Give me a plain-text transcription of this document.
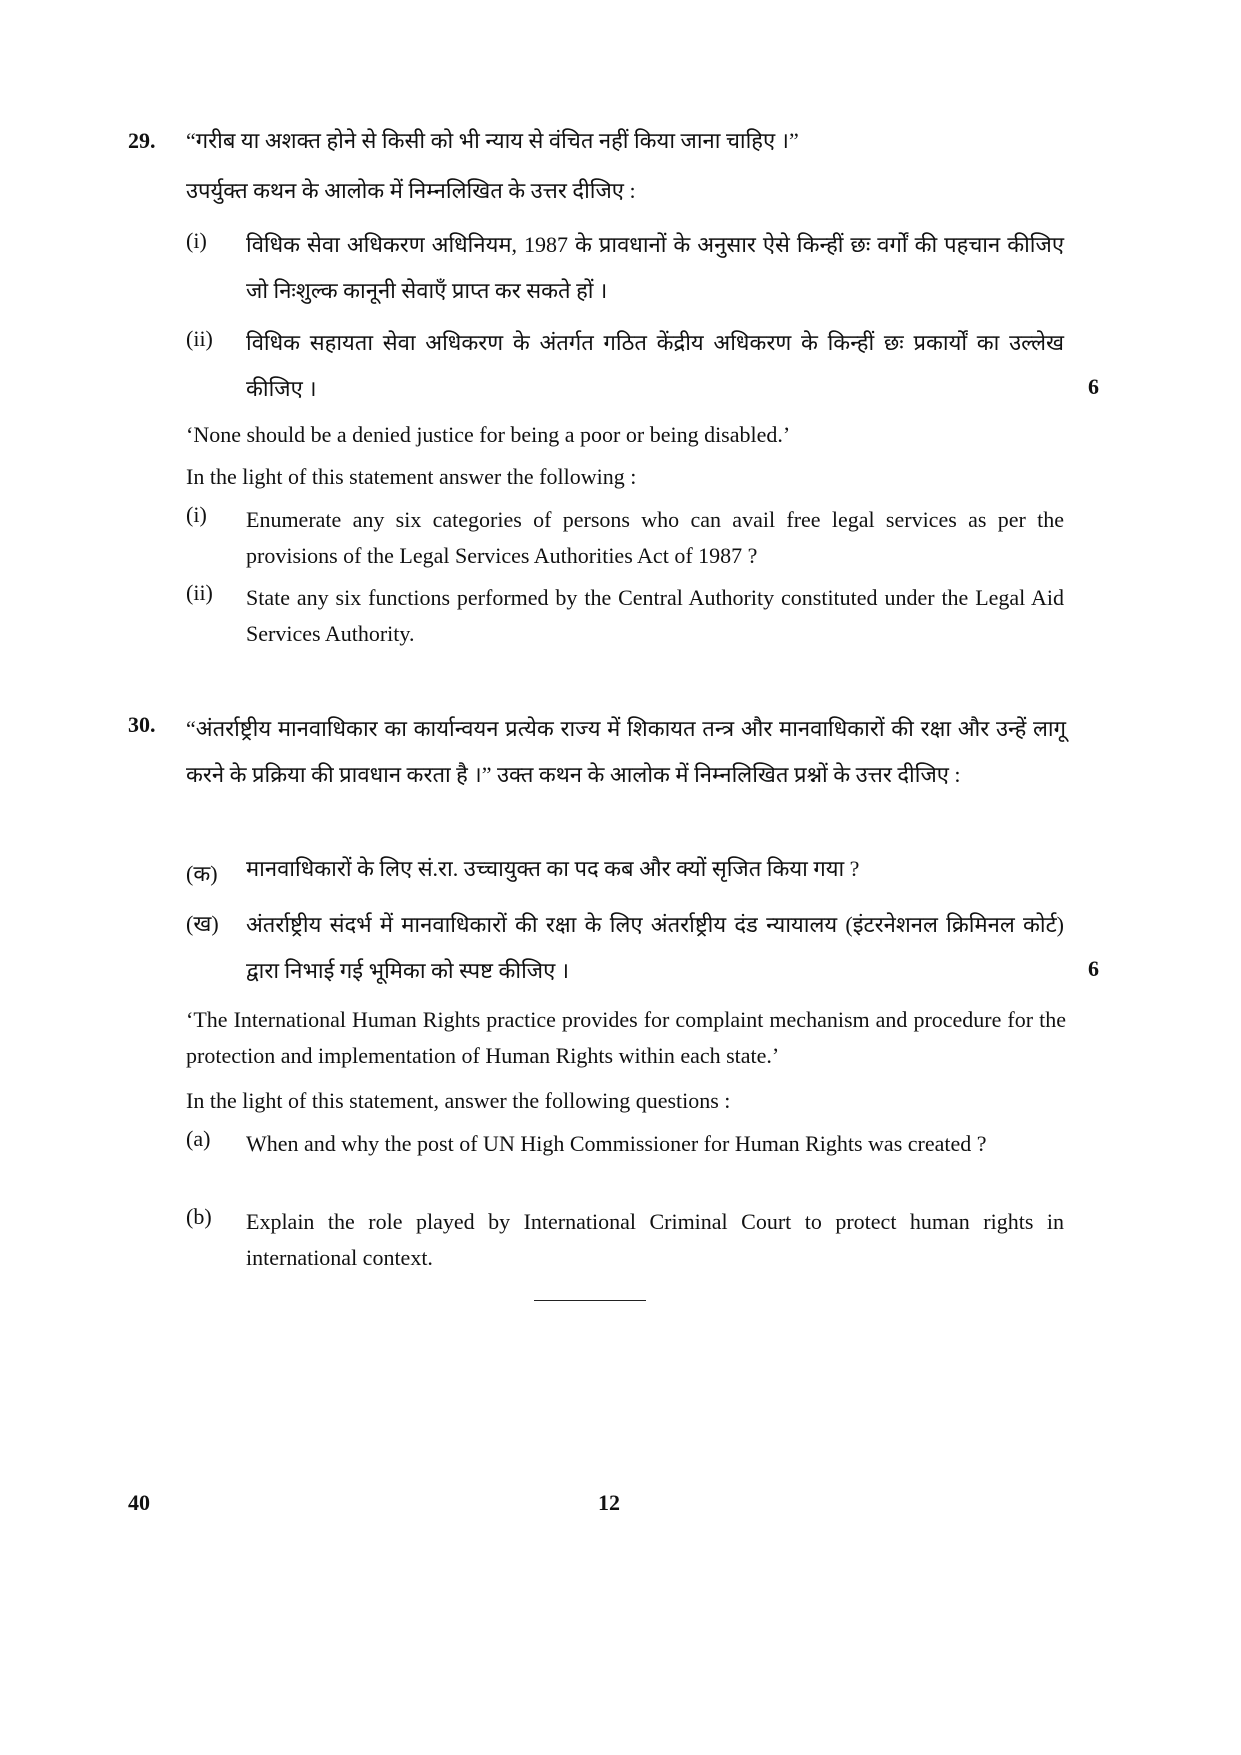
29. “गरीब या अशक्त होने से किसी को भी न्याय से वंचित नहीं किया जाना चाहिए ।”
उपर्युक्त कथन के आलोक में निम्नलिखित के उत्तर दीजिए :
(i) विधिक सेवा अधिकरण अधिनियम, 1987 के प्रावधानों के अनुसार ऐसे किन्हीं छः वर्गों की पहचान कीजिए जो निःशुल्क कानूनी सेवाएँ प्राप्त कर सकते हों ।
(ii) विधिक सहायता सेवा अधिकरण के अंतर्गत गठित केंद्रीय अधिकरण के किन्हीं छः प्रकार्यों का उल्लेख कीजिए ।	6
‘None should be a denied justice for being a poor or being disabled.’
In the light of this statement answer the following :
(i) Enumerate any six categories of persons who can avail free legal services as per the provisions of the Legal Services Authorities Act of 1987 ?
(ii) State any six functions performed by the Central Authority constituted under the Legal Aid Services Authority.
30. “अंतर्राष्ट्रीय मानवाधिकार का कार्यान्वयन प्रत्येक राज्य में शिकायत तन्त्र और मानवाधिकारों की रक्षा और उन्हें लागू करने के प्रक्रिया की प्रावधान करता है ।” उक्त कथन के आलोक में निम्नलिखित प्रश्नों के उत्तर दीजिए :
(क) मानवाधिकारों के लिए सं.रा. उच्चायुक्त का पद कब और क्यों सृजित किया गया ?
(ख) अंतर्राष्ट्रीय संदर्भ में मानवाधिकारों की रक्षा के लिए अंतर्राष्ट्रीय दंड न्यायालय (इंटरनेशनल क्रिमिनल कोर्ट) द्वारा निभाई गई भूमिका को स्पष्ट कीजिए ।	6
‘The International Human Rights practice provides for complaint mechanism and procedure for the protection and implementation of Human Rights within each state.’
In the light of this statement, answer the following questions :
(a) When and why the post of UN High Commissioner for Human Rights was created ?
(b) Explain the role played by International Criminal Court to protect human rights in international context.
40	12
